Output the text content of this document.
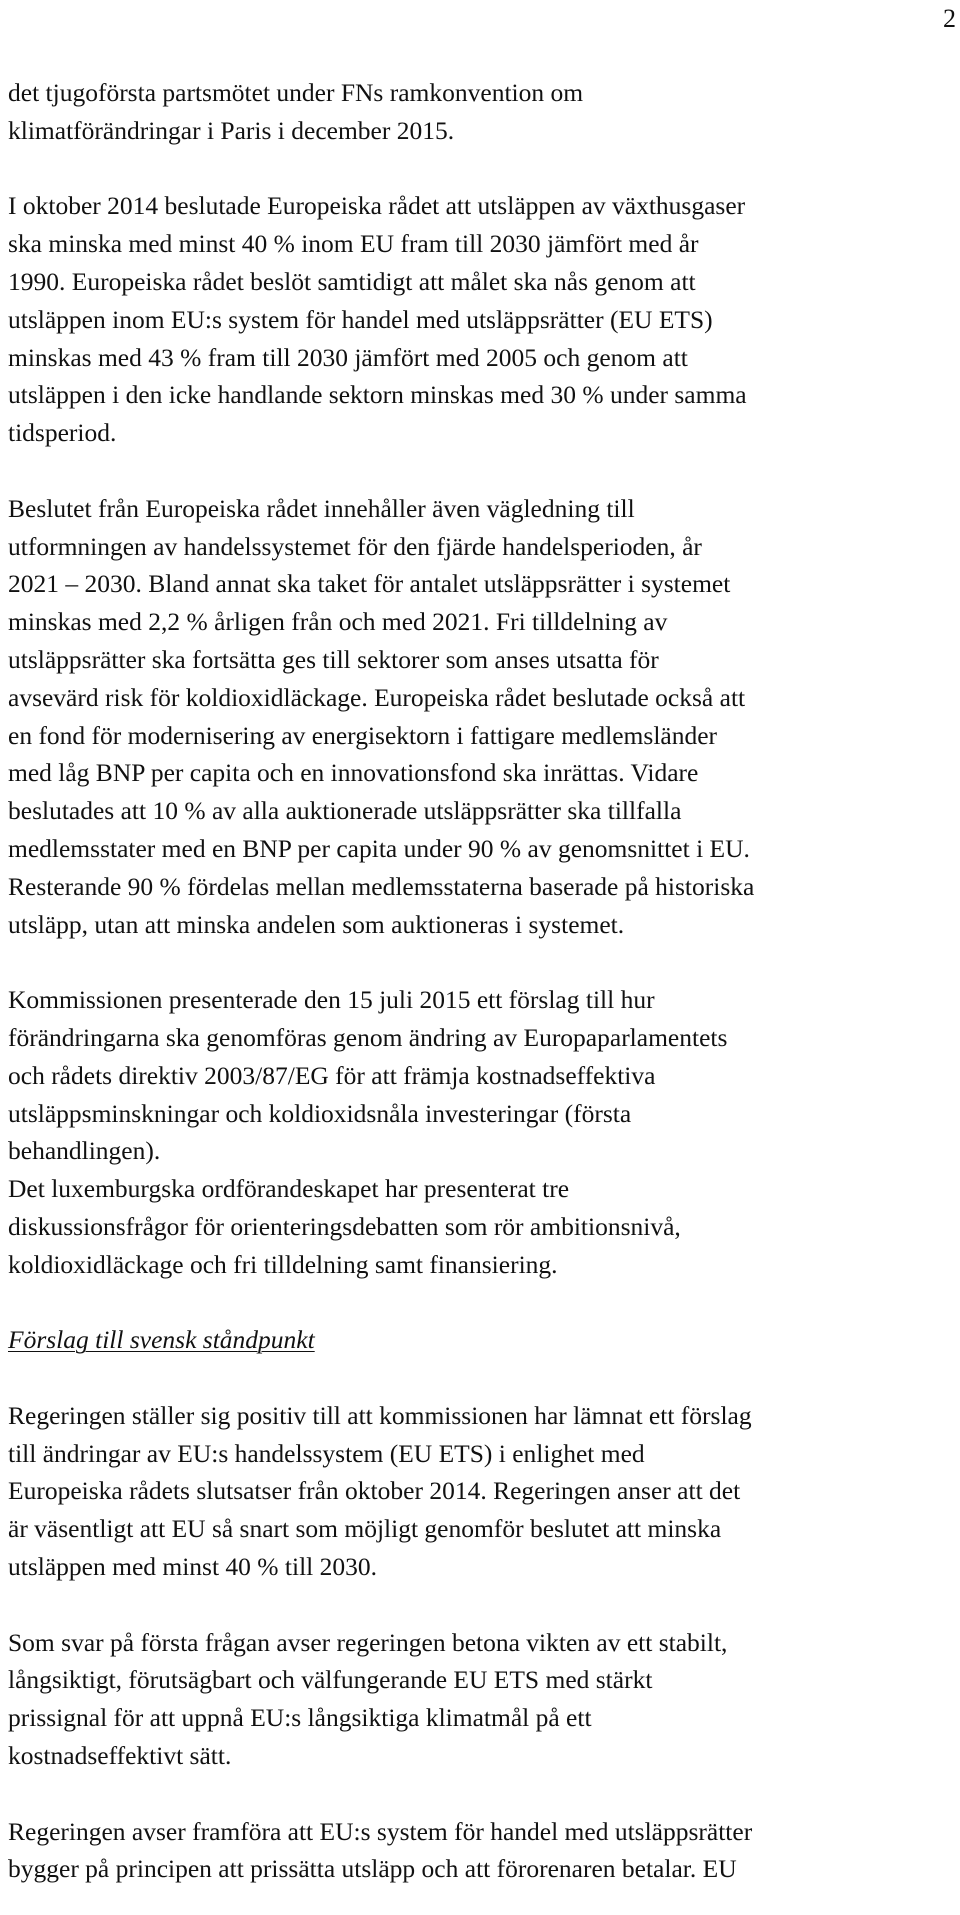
2

det tjugoförsta partsmötet under FNs ramkonvention om
klimatförändringar i Paris i december 2015.

I oktober 2014 beslutade Europeiska rådet att utsläppen av växthusgaser
ska minska med minst 40 % inom EU fram till 2030 jämfört med år
1990. Europeiska rådet beslöt samtidigt att målet ska nås genom att
utsläppen inom EU:s system för handel med utsläppsrätter (EU ETS)
minskas med 43 % fram till 2030 jämfört med 2005 och genom att
utsläppen i den icke handlande sektorn minskas med 30 % under samma
tidsperiod.

Beslutet från Europeiska rådet innehåller även vägledning till
utformningen av handelssystemet för den fjärde handelsperioden, år
2021 – 2030. Bland annat ska taket för antalet utsläppsrätter i systemet
minskas med 2,2 % årligen från och med 2021. Fri tilldelning av
utsläppsrätter ska fortsätta ges till sektorer som anses utsatta för
avsevärd risk för koldioxidläckage. Europeiska rådet beslutade också att
en fond för modernisering av energisektorn i fattigare medlemsländer
med låg BNP per capita och en innovationsfond ska inrättas. Vidare
beslutades att 10 % av alla auktionerade utsläppsrätter ska tillfalla
medlemsstater med en BNP per capita under 90 % av genomsnittet i EU.
Resterande 90 % fördelas mellan medlemsstaterna baserade på historiska
utsläpp, utan att minska andelen som auktioneras i systemet.

Kommissionen presenterade den 15 juli 2015 ett förslag till hur
förändringarna ska genomföras genom ändring av Europaparlamentets
och rådets direktiv 2003/87/EG för att främja kostnadseffektiva
utsläppsminskningar och koldioxidsnåla investeringar (första
behandlingen).

Det luxemburgska ordförandeskapet har presenterat tre
diskussionsfrågor för orienteringsdebatten som rör ambitionsnivå,
koldioxidläckage och fri tilldelning samt finansiering.

Förslag till svensk ståndpunkt

Regeringen ställer sig positiv till att kommissionen har lämnat ett förslag
till ändringar av EU:s handelssystem (EU ETS) i enlighet med
Europeiska rådets slutsatser från oktober 2014. Regeringen anser att det
är väsentligt att EU så snart som möjligt genomför beslutet att minska
utsläppen med minst 40 % till 2030.

Som svar på första frågan avser regeringen betona vikten av ett stabilt,
långsiktigt, förutsägbart och välfungerande EU ETS med stärkt
prissignal för att uppnå EU:s långsiktiga klimatmål på ett
kostnadseffektivt sätt.

Regeringen avser framföra att EU:s system för handel med utsläppsrätter
bygger på principen att prissätta utsläpp och att förorenaren betalar. EU
